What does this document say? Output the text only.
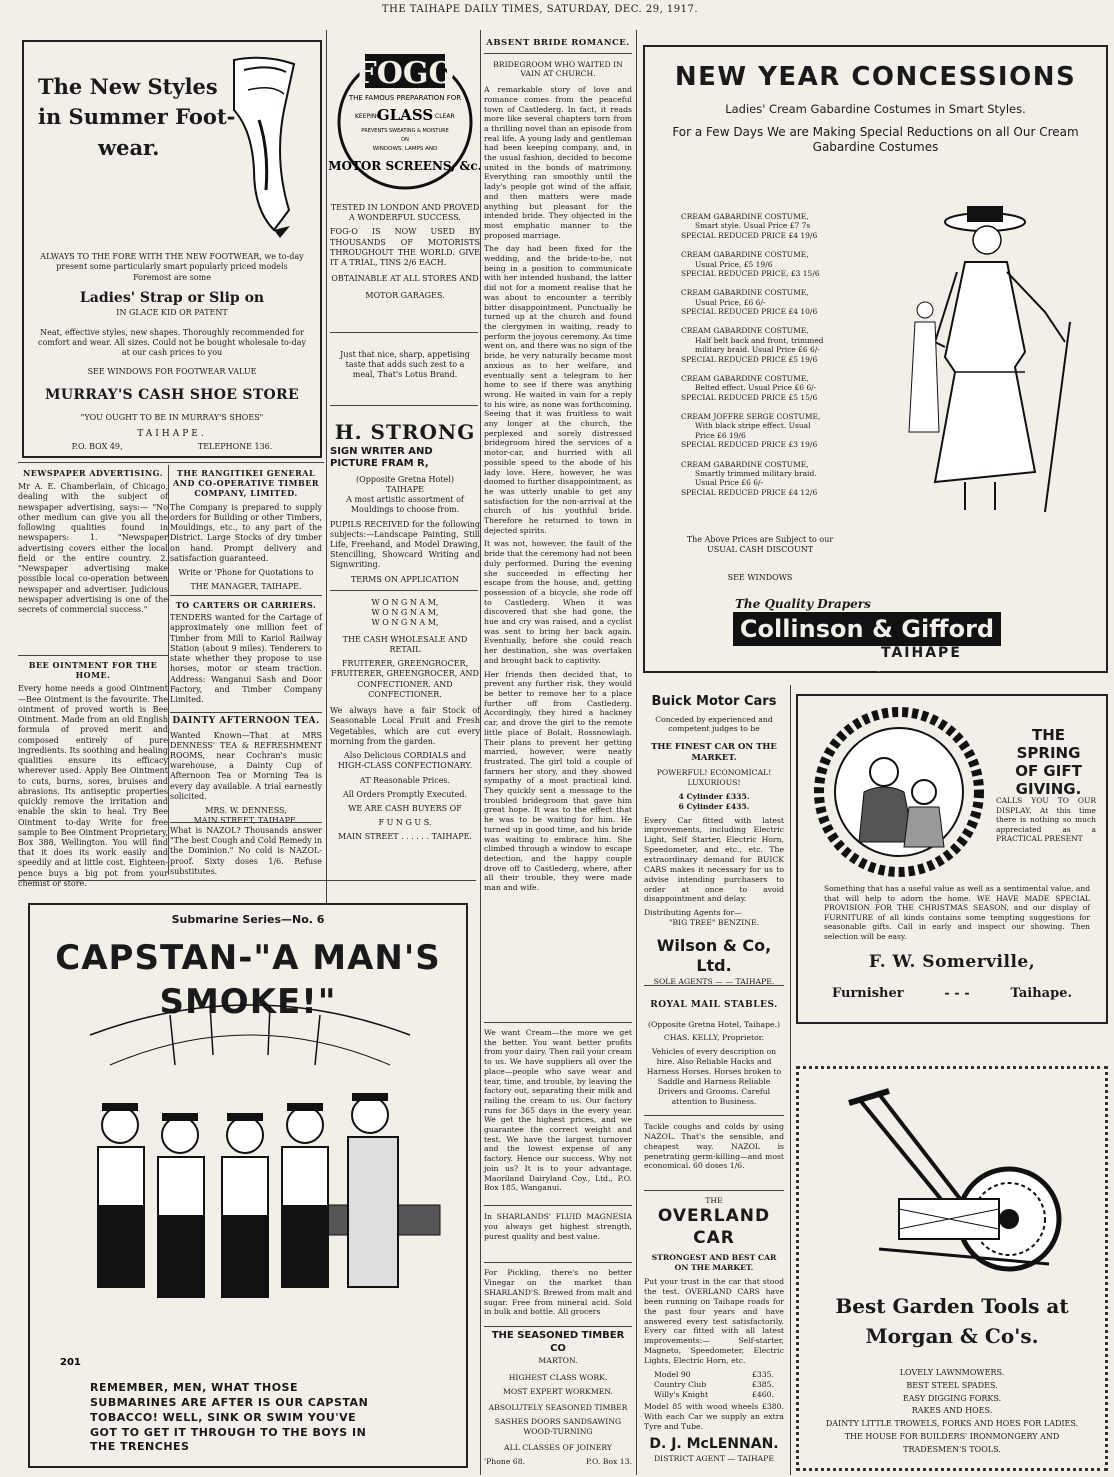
THE TAIHAPE DAILY TIMES, SATURDAY, DEC. 29, 1917.
The New Styles
in Summer Foot-
wear.

ALWAYS TO THE FORE WITH THE NEW FOOTWEAR, we to-day present some particularly smart popularly priced models

Foremost are some

Ladies' Strap or Slip on
IN GLACE KID OR PATENT

Neat, effective styles, new shapes. Thoroughly recommended for comfort and wear. All sizes. Could not be bought wholesale to-day at our cash prices to you

SEE WINDOWS FOR FOOTWEAR VALUE

MURRAY'S CASH SHOE STORE
"YOU OUGHT TO BE IN MURRAY'S SHOES"
TAIHAPE.
P.O. BOX 49,	TELEPHONE 136.
FOGO
THE FAMOUS PREPARATION FOR
KEEPING
GLASS CLEAR
PREVENTS SWEATING & MOISTURE
ON
WINDOWS, LAMPS AND
MOTOR SCREENS, &c.

TESTED IN LONDON AND PROVED A WONDERFUL SUCCESS.

FOG-O IS NOW USED BY THOUSANDS OF MOTORISTS THROUGHOUT THE WORLD. GIVE IT A TRIAL, TINS 2/6 EACH.

OBTAINABLE AT ALL STORES AND

MOTOR GARAGES.

Just that nice, sharp, appetising taste that adds such zest to a meal, That's Lotus Brand.
H. STRONG
SIGN WRITER AND PICTURE FRAM R,
(Opposite Gretna Hotel)
TAIHAPE

A most artistic assortment of Mouldings to choose from.

PUPILS RECEIVED for the following subjects:—Landscape Painting, Still Life, Freehand, and Model Drawing, Stencilling, Showcard Writing and Signwriting.

TERMS ON APPLICATION

W O N G N A M,
W O N G N A M,
W O N G N A M,

THE CASH WHOLESALE AND RETAIL

FRUITERER, GREENGROCER, FRUITERER, GREENGROCER, AND CONFECTIONER. AND CONFECTIONER.

We always have a fair Stock of Seasonable Local Fruit and Fresh Vegetables, which are cut every morning from the garden.

Also Delicious CORDIALS and HIGH-CLASS CONFECTIONARY.

AT Reasonable Prices.

All Orders Promptly Executed.

WE ARE CASH BUYERS OF

F U N G U S.

MAIN STREET . . . . . . TAIHAPE.

NEWSPAPER ADVERTISING.

Mr A. E. Chamberlain, of Chicago, dealing with the subject of newspaper advertising, says:— "No other medium can give you all the following qualities found in newspapers: 1. "Newspaper advertising covers either the local field or the entire country. 2. "Newspaper advertising make possible local co-operation between newspaper and advertiser. Judicious newspaper advertising is one of the secrets of commercial success."

BEE OINTMENT FOR THE HOME.

Every home needs a good Ointment—Bee Ointment is the favourite. The ointment of proved worth is Bee Ointment. Made from an old English formula of proved merit and composed entirely of pure ingredients. Its soothing and healing qualities ensure its efficacy wherever used. Apply Bee Ointment to cuts, burns, sores, bruises and abrasions. Its antiseptic properties quickly remove the irritation and enable the skin to heal. Try Bee Ointment to-day Write for free sample to Bee Ointment Proprietary, Box 388, Wellington. You will find that it does its work easily and speedily and at little cost. Eighteen-pence buys a big pot from your chemist or store.

THE RANGITIKEI GENERAL AND CO-OPERATIVE TIMBER COMPANY, LIMITED.

The Company is prepared to supply orders for Building or other Timbers, Mouldings, etc., to any part of the District. Large Stocks of dry timber on hand. Prompt delivery and satisfaction guaranteed.

Write or 'Phone for Quotations to

THE MANAGER, TAIHAPE.

TO CARTERS OR CARRIERS.

TENDERS wanted for the Cartage of approximately one million feet of Timber from Mill to Kariol Railway Station (about 9 miles). Tenderers to state whether they propose to use horses, motor or steam traction. Address: Wanganui Sash and Door Factory, and Timber Company Limited.

DAINTY AFTERNOON TEA.

Wanted Known—That at MRS DENNESS' TEA & REFRESHMENT ROOMS, near Cochran's music warehouse, a Dainty Cup of Afternoon Tea or Morning Tea is every day available. A trial earnestly solicited.

MRS. W. DENNESS,

MAIN STREET, TAIHAPE.

What is NAZOL? Thousands answer "The best Cough and Cold Remedy in the Dominion." No cold is NAZOL-proof. Sixty doses 1/6. Refuse substitutes.
Submarine Series—No. 6
CAPSTAN-"A MAN'S SMOKE!"
201
REMEMBER, MEN, WHAT THOSE SUBMARINES ARE AFTER IS OUR CAPSTAN TOBACCO! WELL, SINK OR SWIM YOU'VE GOT TO GET IT THROUGH TO THE BOYS IN THE TRENCHES
ABSENT BRIDE ROMANCE.
BRIDEGROOM WHO WAITED IN VAIN AT CHURCH.

A remarkable story of love and romance comes from the peaceful town of Castlederg. In fact, it reads more like several chapters torn from a thrilling novel than an episode from real life. A young lady and gentleman had been keeping company, and, in the usual fashion, decided to become united in the bonds of matrimony. Everything ran smoothly until the lady's people got wind of the affair, and then matters were made anything but pleasant for the intended bride. They objected in the most emphatic manner to the proposed marriage.

The day had been fixed for the wedding, and the bride-to-be, not being in a position to communicate with her intended husband, the latter did not for a moment realise that he was about to encounter a terribly bitter disappointment. Punctually he turned up at the church and found the clergymen in waiting, ready to perform the joyous ceremony. As time went on, and there was no sign of the bride, he very naturally became most anxious as to her welfare, and eventually sent a telegram to her home to see if there was anything wrong. He waited in vain for a reply to his wire, as none was forthcoming. Seeing that it was fruitless to wait any longer at the church, the perplexed and sorely distressed bridegroom hired the services of a motor-car, and hurried with all possible speed to the abode of his lady love. Here, however, he was doomed to further disappointment, as he was utterly unable to get any satisfaction for the non-arrival at the church of his youthful bride. Therefore he returned to town in dejected spirits.

It was not, however, the fault of the bride that the ceremony had not been duly performed. During the evening she succeeded in effecting her escape from the house, and, getting possession of a bicycle, she rode off to Castlederg. When it was discovered that she had gone, the hue and cry was raised, and a cyclist was sent to bring her back again. Eventually, before she could reach her destination, she was overtaken and brought back to captivity.

Her friends then decided that, to prevent any further risk, they would be better to remove her to a place further off from Castlederg. Accordingly, they hired a hackney car, and drove the girl to the remote little place of Bolalt, Rossnowlagh. Their plans to prevent her getting married, however, were neatly frustrated. The girl told a couple of farmers her story, and they showed sympathy of a most practical kind. They quickly sent a message to the troubled bridegroom that gave him great hope. It was to the effect that he was to be waiting for him. He turned up in good time, and his bride was waiting to embrace him. She climbed through a window to escape detection, and the happy couple drove off to Castlederg, where, after all their trouble, they were made man and wife.

We want Cream—the more we get the better. You want better profits from your dairy. Then rail your cream to us. We have suppliers all over the place—people who save wear and tear, time, and trouble, by leaving the factory out, separating their milk and railing the cream to us. Our factory runs for 365 days in the every year. We get the highest prices, and we guarantee the correct weight and test. We have the largest turnover and the lowest expense of any factory. Hence our success. Why not join us? It is to your advantage. Maoriland Dairyland Coy., Ltd., P.O. Box 185, Wanganui.
In SHARLANDS' FLUID MAGNESIA you always get highest strength, purest quality and best value.
For Pickling, there's no better Vinegar on the market than SHARLAND'S. Brewed from malt and sugar. Free from mineral acid. Sold in bulk and bottle. All grocers
THE SEASONED TIMBER CO
MARTON.

HIGHEST CLASS WORK.

MOST EXPERT WORKMEN.

ABSOLUTELY SEASONED TIMBER

SASHES DOORS SANDSAWING WOOD-TURNING

ALL CLASSES OF JOINERY

'Phone 68.	P.O. Box 13.
NEW YEAR CONCESSIONS
Ladies' Cream Gabardine Costumes in Smart Styles.
For a Few Days We are Making Special Reductions on all Our Cream Gabardine Costumes
CREAM GABARDINE COSTUME,
Smart style. Usual Price £7 7s
SPECIAL REDUCED PRICE £4 19/6
CREAM GABARDINE COSTUME,
Usual Price, £5 19/6
SPECIAL REDUCED PRICE, £3 15/6
CREAM GABARDINE COSTUME,
Usual Price, £6 6/-
SPECIAL REDUCED PRICE £4 10/6
CREAM GABARDINE COSTUME,
Half belt back and front, trimmed military braid. Usual Price £6 6/-
SPECIAL REDUCED PRICE £5 19/6
CREAM GABARDINE COSTUME,
Belted effect. Usual Price £6 6/-
SPECIAL REDUCED PRICE £5 15/6
CREAM JOFFRE SERGE COSTUME,
With black stripe effect. Usual Price £6 19/6
SPECIAL REDUCED PRICE £3 19/6
CREAM GABARDINE COSTUME,
Smartly trimmed military braid. Usual Price £6 6/-
SPECIAL REDUCED PRICE £4 12/6
The Above Prices are Subject to our
USUAL CASH DISCOUNT
SEE WINDOWS
The Quality Drapers
Collinson & Gifford Ltd
TAIHAPE
Buick Motor Cars

Conceded by experienced and competent judges to be

THE FINEST CAR ON THE MARKET.

POWERFUL! ECONOMICAL! LUXURIOUS!

4 Cylinder £335.

6 Cylinder £435.

Every Car fitted with latest improvements, including Electric Light, Self Starter, Electric Horn, Speedometer, and etc., etc. The extraordinary demand for BUICK CARS makes it necessary for us to advise intending purchasers to order at once to avoid disappointment and delay.

Distributing Agents for—

"BIG TREE" BENZINE.

Wilson & Co, Ltd.
SOLE AGENTS — — TAIHAPE.
ROYAL MAIL STABLES.

(Opposite Gretna Hotel, Taihape.)

CHAS. KELLY, Proprietor.

Vehicles of every description on hire. Also Reliable Hacks and Harness Horses. Horses broken to Saddle and Harness Reliable Drivers and Grooms. Careful attention to Business.

Tackle coughs and colds by using NAZOL. That's the sensible, and cheapest way. NAZOL is penetrating germ-killing—and most economical. 60 doses 1/6.
THE
OVERLAND CAR

STRONGEST AND BEST CAR ON THE MARKET.

Put your trust in the car that stood the test. OVERLAND CARS have been running on Taihape roads for the past four years and have answered every test satisfactorily. Every car fitted with all latest improvements:— Self-starter, Magneto, Speedometer, Electric Lights, Electric Horn, etc.

Model 90	£335.
Country Club	£385.
Willy's Knight	£460.

Model 85 with wood wheels £380. With each Car we supply an extra Tyre and Tube.

D. J. McLENNAN.
DISTRICT AGENT — TAIHAPE
THE SPRING
OF GIFT
GIVING.
CALLS YOU TO OUR DISPLAY. At this time there is nothing so much appreciated as a PRACTICAL PRESENT
Something that has a useful value as well as a sentimental value, and that will help to adorn the home. WE HAVE MADE SPECIAL PROVISION FOR THE CHRISTMAS SEASON, and our display of FURNITURE of all kinds contains some tempting suggestions for seasonable gifts. Call in early and inspect our showing. Then selection will be easy.
F. W. Somerville,
Furnisher	- - -	Taihape.
Best Garden Tools at
Morgan & Co's.
LOVELY LAWNMOWERS.
BEST STEEL SPADES.
EASY DIGGING FORKS.
RAKES AND HOES.
DAINTY LITTLE TROWELS, FORKS AND HOES FOR LADIES.
THE HOUSE FOR BUILDERS' IRONMONGERY AND TRADESMEN'S TOOLS.
